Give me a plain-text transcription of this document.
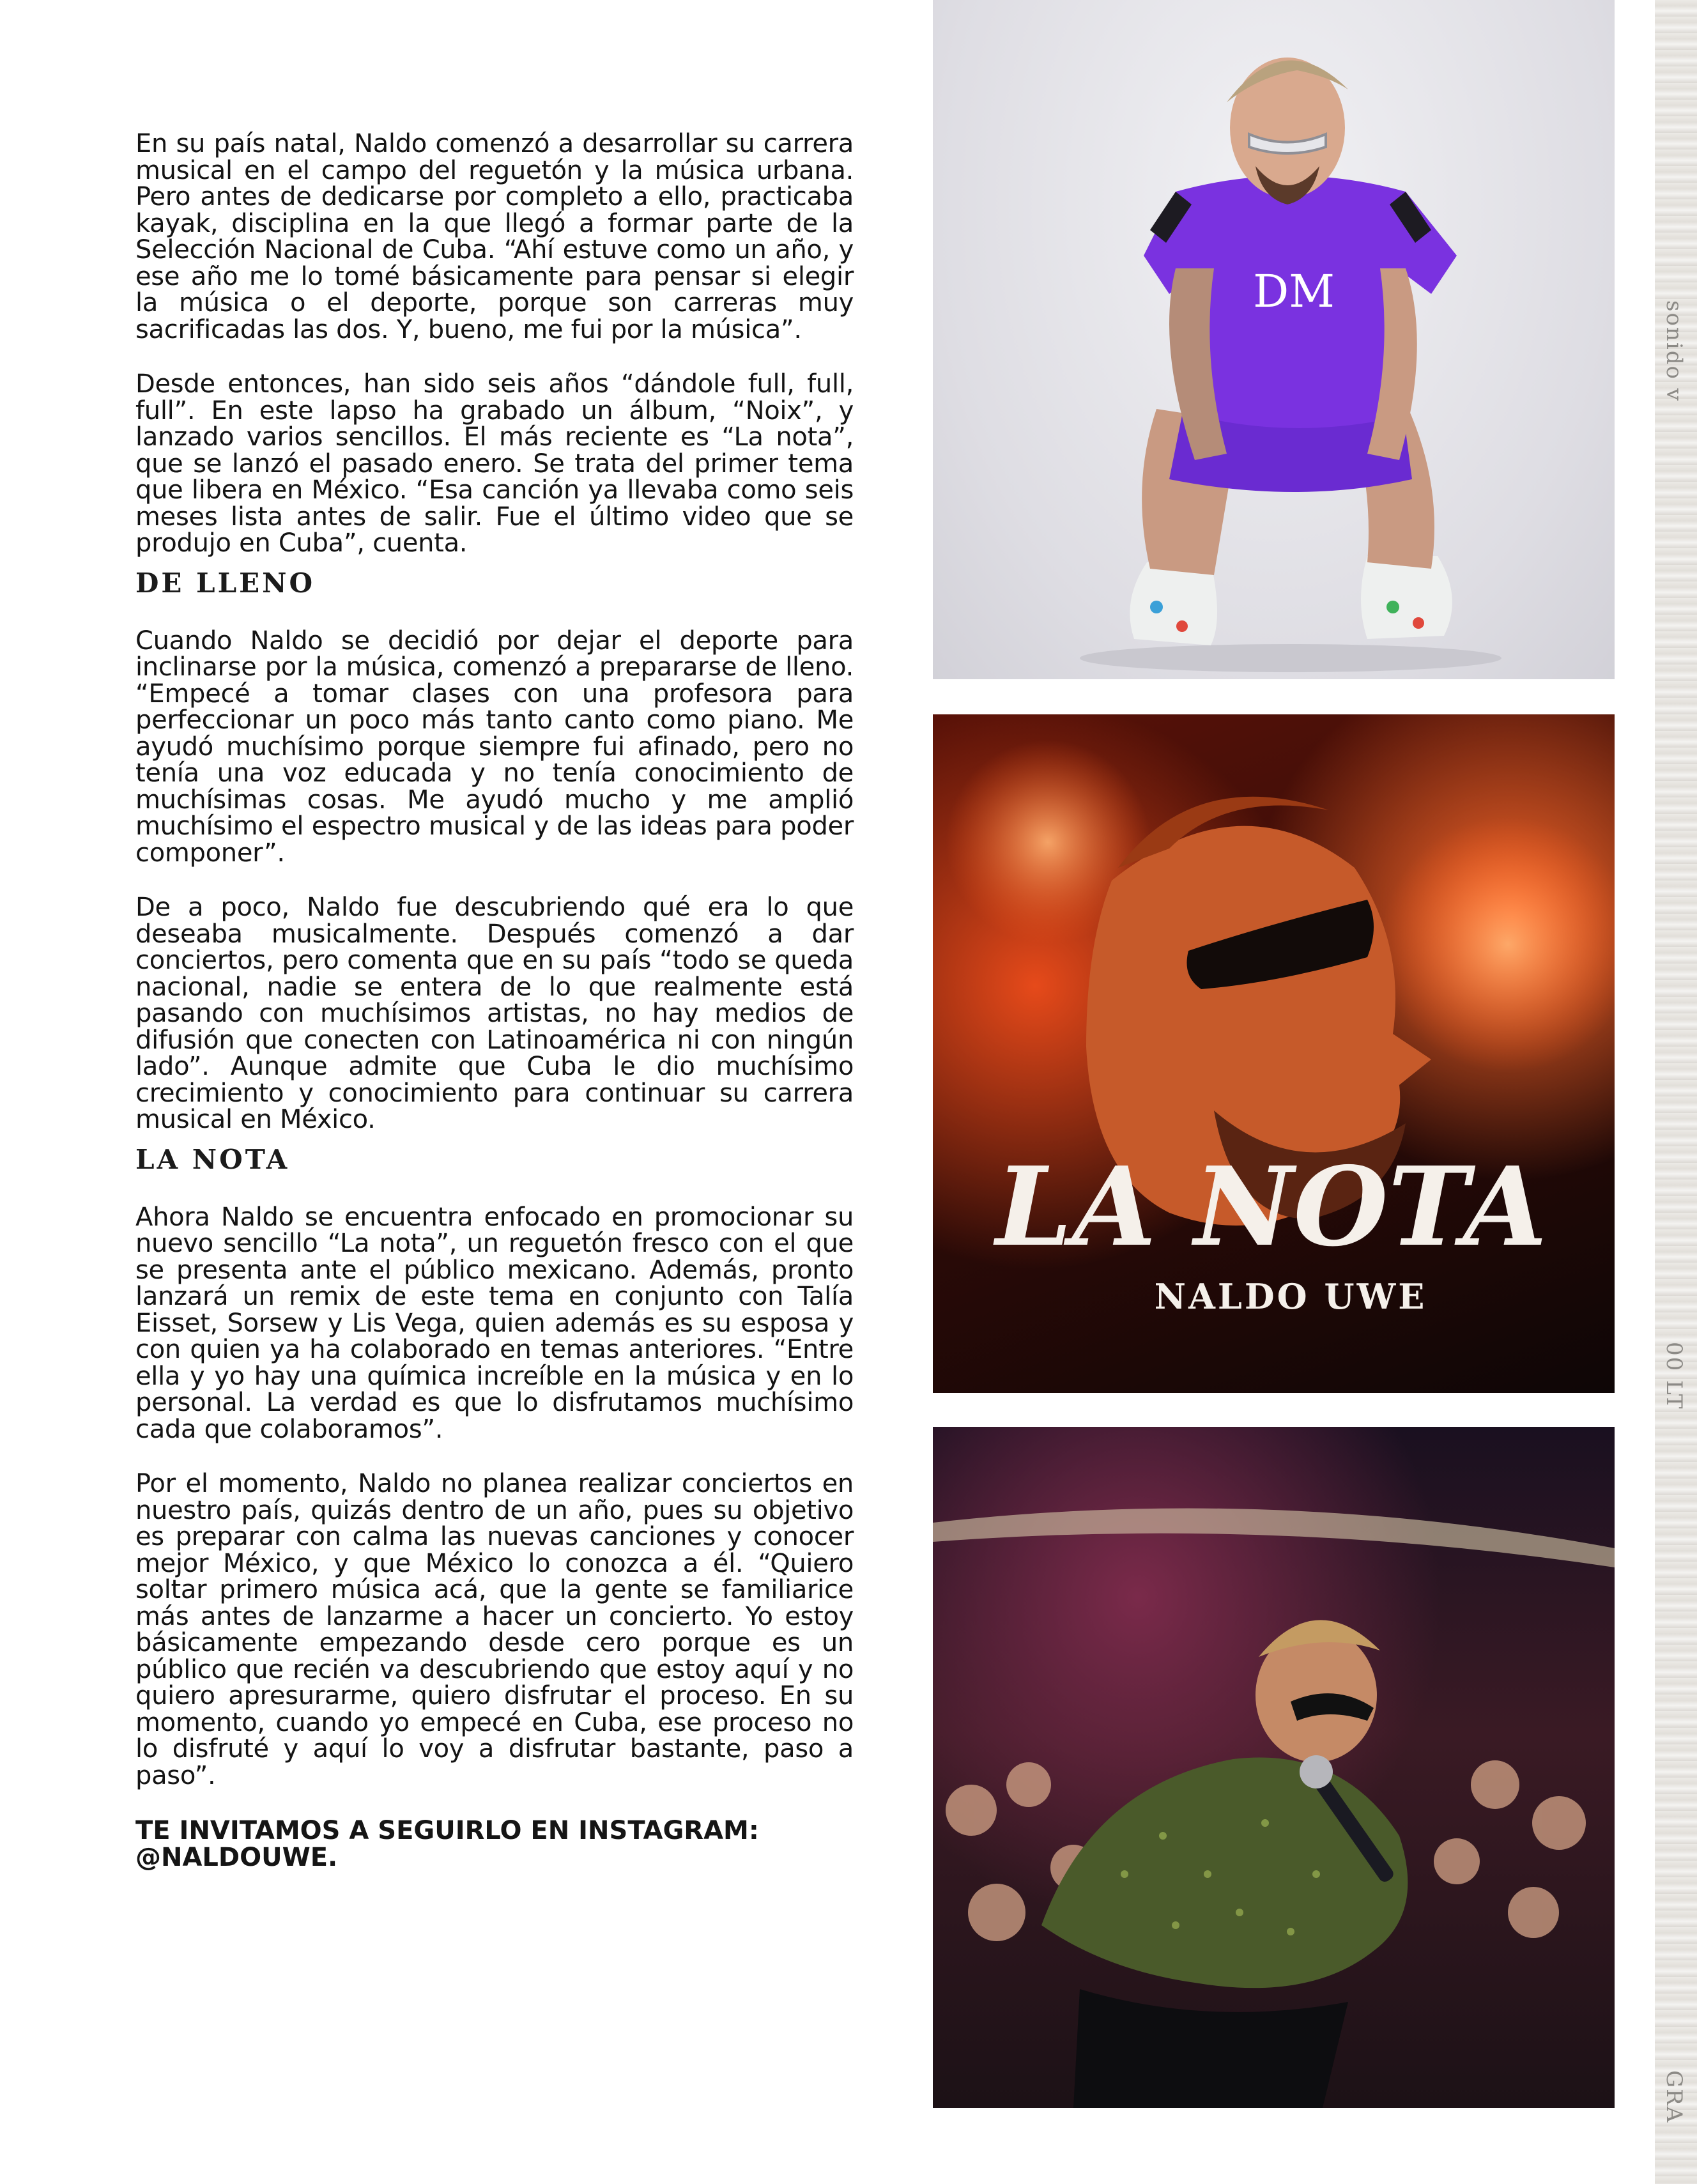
En su país natal, Naldo comenzó a desarrollar su carrera musical en el campo del reguetón y la música urbana. Pero antes de dedicarse por completo a ello, practicaba kayak, disciplina en la que llegó a formar parte de la Selección Nacional de Cuba. “Ahí estuve como un año, y ese año me lo tomé básicamente para pensar si elegir la música o el deporte, porque son carreras muy sacrificadas las dos. Y, bueno, me fui por la música”.

Desde entonces, han sido seis años “dándole full, full, full”. En este lapso ha grabado un álbum, “Noix”, y lanzado varios sencillos. El más reciente es “La nota”, que se lanzó el pasado enero. Se trata del primer tema que libera en México. “Esa canción ya llevaba como seis meses lista antes de salir. Fue el último video que se produjo en Cuba”, cuenta.

DE LLENO

Cuando Naldo se decidió por dejar el deporte para inclinarse por la música, comenzó a prepararse de lleno. “Empecé a tomar clases con una profesora para perfeccionar un poco más tanto canto como piano. Me ayudó muchísimo porque siempre fui afinado, pero no tenía una voz educada y no tenía conocimiento de muchísimas cosas. Me ayudó mucho y me amplió muchísimo el espectro musical y de las ideas para poder componer”.

De a poco, Naldo fue descubriendo qué era lo que deseaba musicalmente. Después comenzó a dar conciertos, pero comenta que en su país “todo se queda nacional, nadie se entera de lo que realmente está pasando con muchísimos artistas, no hay medios de difusión que conecten con Latinoamérica ni con ningún lado”. Aunque admite que Cuba le dio muchísimo crecimiento y conocimiento para continuar su carrera musical en México.

LA NOTA

Ahora Naldo se encuentra enfocado en promocionar su nuevo sencillo “La nota”, un reguetón fresco con el que se presenta ante el público mexicano. Además, pronto lanzará un remix de este tema en conjunto con Talía Eisset, Sorsew y Lis Vega, quien además es su esposa y con quien ya ha colaborado en temas anteriores. “Entre ella y yo hay una química increíble en la música y en lo personal. La verdad es que lo disfrutamos muchísimo cada que colaboramos”.

Por el momento, Naldo no planea realizar conciertos en nuestro país, quizás dentro de un año, pues su objetivo es preparar con calma las nuevas canciones y conocer mejor México, y que México lo conozca a él. “Quiero soltar primero música acá, que la gente se familiarice más antes de lanzarme a hacer un concierto. Yo estoy básicamente empezando desde cero porque es un público que recién va descubriendo que estoy aquí y no quiero apresurarme, quiero disfrutar el proceso. En su momento, cuando yo empecé en Cuba, ese proceso no lo disfruté y aquí lo voy a disfrutar bastante, paso a paso”.

TE INVITAMOS A SEGUIRLO EN INSTAGRAM:
@NALDOUWE.

DM
LA NOTA
NALDO UWE
sonido v
00 LT
GRA
